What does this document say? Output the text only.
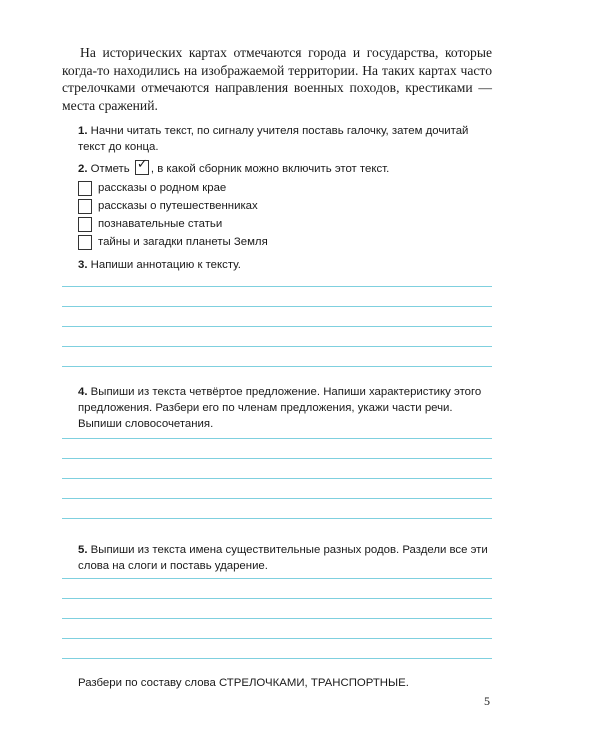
На исторических картах отмечаются города и государства, которые когда-то находились на изображаемой территории. На таких картах часто стрелочками отмечаются направления военных походов, крестиками — места сражений.

1. Начни читать текст, по сигналу учителя поставь галочку, затем дочитай текст до конца.

2. Отметь ✓ , в какой сборник можно включить этот текст.

рассказы о родном крае
рассказы о путешественниках
познавательные статьи
тайны и загадки планеты Земля

3. Напиши аннотацию к тексту.

4. Выпиши из текста четвёртое предложение. Напиши характеристику этого предложения. Разбери его по членам предложения, укажи части речи. Выпиши словосочетания.

5. Выпиши из текста имена существительные разных родов. Раздели все эти слова на слоги и поставь ударение.

Разбери по составу слова СТРЕЛОЧКАМИ, ТРАНСПОРТНЫЕ.
5
